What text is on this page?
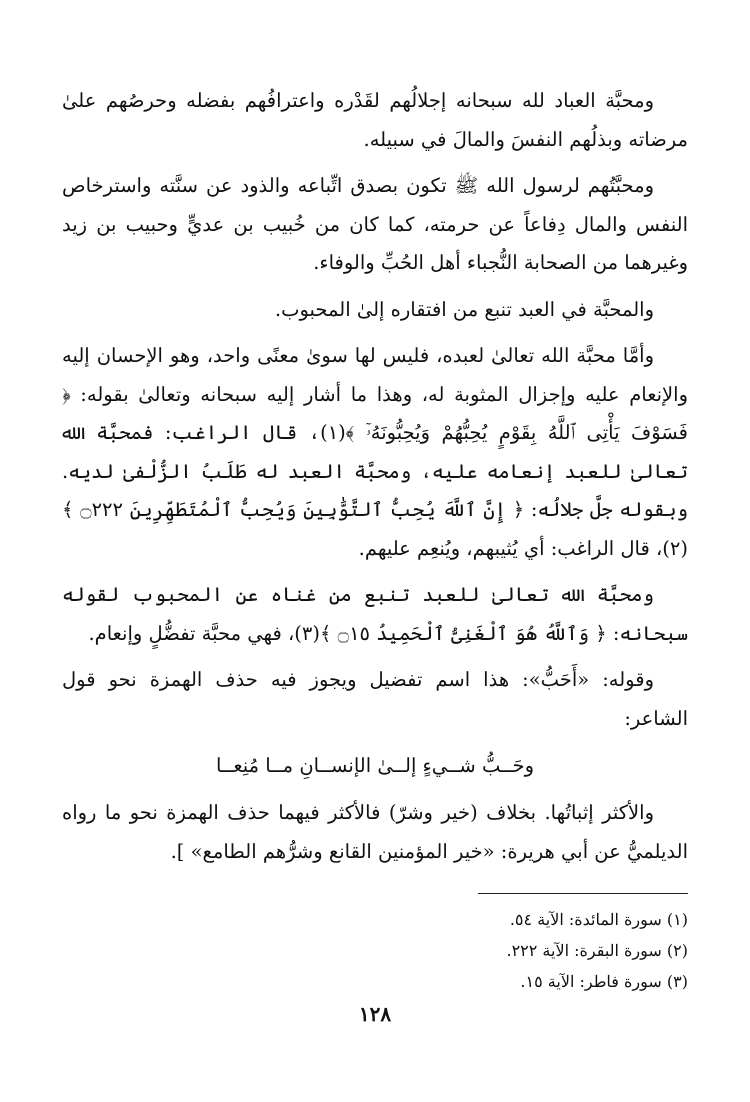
ومحبَّة العباد لله سبحانه إجلالُهم لقَدْره واعترافُهم بفضله وحرصُهم علىٰ مرضاته وبذلُهم النفسَ والمالَ في سبيله.

ومحبَّتُهم لرسول الله ﷺ تكون بصدق اتِّباعه والذود عن سنَّته واسترخاص النفس والمال دِفاعاً عن حرمته، كما كان من خُبيب بن عديٍّ وحبيب بن زيد وغيرهما من الصحابة النُّجباء أهل الحُبِّ والوفاء.

والمحبَّة في العبد تنبع من افتقاره إلىٰ المحبوب.

وأمَّا محبَّة الله تعالىٰ لعبده، فليس لها سوىٰ معنًى واحد، وهو الإحسان إليه والإنعام عليه وإجزال المثوبة له، وهذا ما أشار إليه سبحانه وتعالىٰ بقوله: ﴿ فَسَوْفَ يَأْتِى ٱللَّهُ بِقَوْمٍ يُحِبُّهُمْ وَيُحِبُّونَهُۥٓ ﴾(١)، قال الراغب: فمحبَّة الله تعالىٰ للعبد إنعامه عليه، ومحبَّة العبد له طَلَبُ الزُّلْفىٰ لديه. وبقوله جلَّ جلالُه: ﴿ إِنَّ ٱللَّهَ يُحِبُّ ٱلتَّوَّٰبِينَ وَيُحِبُّ ٱلْمُتَطَهِّرِينَ ۝٢٢٢ ﴾(٢)، قال الراغب: أي يُثيبهم، ويُنعِم عليهم.

ومحبَّة الله تعالىٰ للعبد تنبع من غناه عن المحبوب لقوله سبحانه: ﴿ وَٱللَّهُ هُوَ ٱلْغَنِىُّ ٱلْحَمِيدُ ۝١٥ ﴾(٣)، فهي محبَّة تفضُّلٍ وإنعام.

وقوله: «أَحَبُّ»: هذا اسم تفضيل ويجوز فيه حذف الهمزة نحو قول الشاعر:

وحَــبُّ شــيءٍ إلــىٰ الإنســانِ مــا مُنِعــا

والأكثر إثباتُها. بخلاف (خير وشرّ) فالأكثر فيهما حذف الهمزة نحو ما رواه الديلميُّ عن أبي هريرة: «خير المؤمنين القانع وشرُّهم الطامع» ].

(١) سورة المائدة: الآية ٥٤.

(٢) سورة البقرة: الآية ٢٢٢.

(٣) سورة فاطر: الآية ١٥.

١٢٨
